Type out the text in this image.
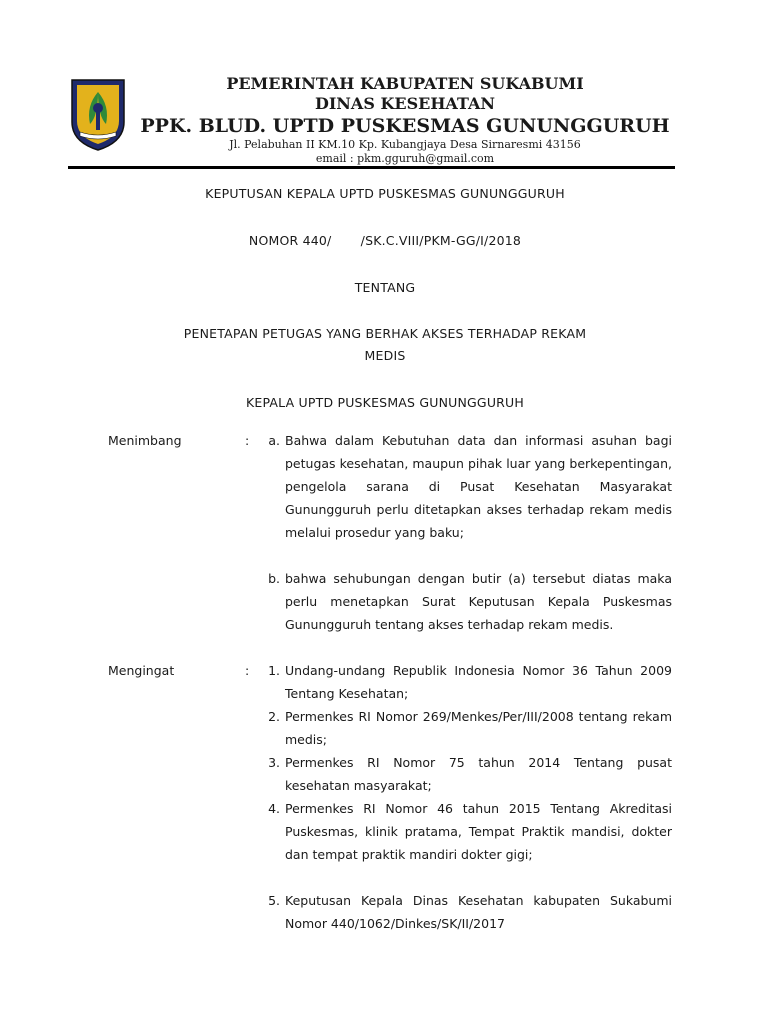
PEMERINTAH KABUPATEN SUKABUMI
DINAS KESEHATAN
PPK. BLUD. UPTD PUSKESMAS GUNUNGGURUH
Jl. Pelabuhan II KM.10 Kp. Kubangjaya Desa Sirnaresmi 43156
email : pkm.gguruh@gmail.com
KEPUTUSAN KEPALA UPTD PUSKESMAS GUNUNGGURUH
NOMOR 440/       /SK.C.VIII/PKM-GG/I/2018
TENTANG
PENETAPAN PETUGAS YANG BERHAK AKSES TERHADAP REKAM
MEDIS
KEPALA UPTD PUSKESMAS GUNUNGGURUH
Menimbang	:	a. Bahwa dalam Kebutuhan data dan informasi asuhan bagi petugas kesehatan, maupun pihak luar yang berkepentingan, pengelola sarana di Pusat Kesehatan Masyarakat Gunungguruh perlu ditetapkan akses terhadap rekam medis melalui prosedur yang baku;
b. bahwa sehubungan dengan butir (a) tersebut diatas maka perlu menetapkan Surat Keputusan Kepala Puskesmas Gunungguruh tentang akses terhadap rekam medis.
Mengingat	:	1. Undang-undang Republik Indonesia Nomor 36 Tahun 2009 Tentang Kesehatan;
2. Permenkes RI Nomor 269/Menkes/Per/III/2008 tentang rekam medis;
3. Permenkes RI Nomor 75 tahun 2014 Tentang pusat kesehatan masyarakat;
4. Permenkes RI Nomor 46 tahun 2015 Tentang Akreditasi Puskesmas, klinik pratama, Tempat Praktik mandisi, dokter dan tempat praktik mandiri dokter gigi;
5. Keputusan Kepala Dinas Kesehatan kabupaten Sukabumi Nomor 440/1062/Dinkes/SK/II/2017
